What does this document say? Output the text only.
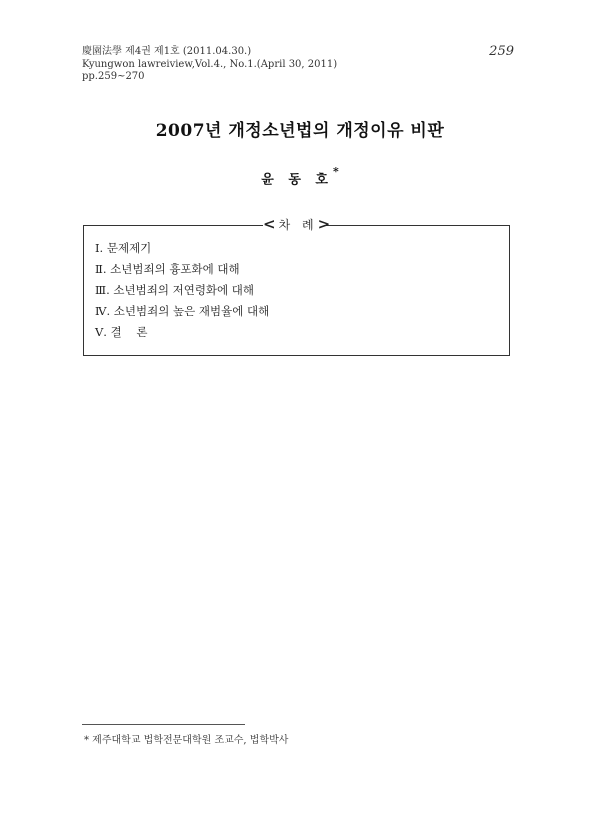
慶園法學 제4권 제1호 (2011.04.30.)
Kyungwon lawreiview,Vol.4., No.1.(April 30, 2011)
pp.259~270
259
2007년 개정소년법의 개정이유 비판
윤 동 호*
< 차 례>
Ⅰ. 문제제기
Ⅱ. 소년범죄의 흉포화에 대해
Ⅲ. 소년범죄의 저연령화에 대해
Ⅳ. 소년범죄의 높은 재범율에 대해
Ⅴ. 결    론
* 제주대학교 법학전문대학원 조교수, 법학박사
